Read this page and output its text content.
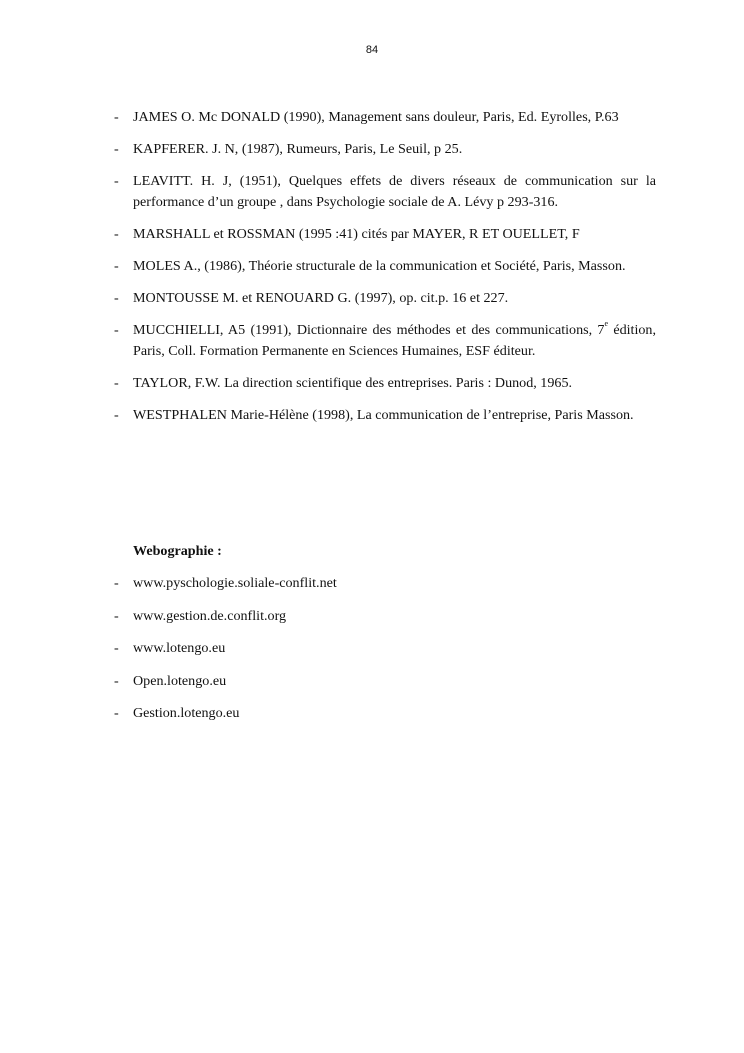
84
- JAMES O. Mc DONALD (1990), Management sans douleur, Paris, Ed. Eyrolles, P.63
- KAPFERER. J. N, (1987), Rumeurs, Paris, Le Seuil, p 25.
- LEAVITT. H. J, (1951), Quelques effets de divers réseaux de communication sur la performance d’un groupe , dans Psychologie sociale de A. Lévy p 293-316.
- MARSHALL et ROSSMAN (1995 :41) cités par MAYER, R ET OUELLET, F
- MOLES A., (1986), Théorie structurale de la communication et Société, Paris, Masson.
- MONTOUSSE M. et RENOUARD G. (1997), op. cit.p. 16 et 227.
- MUCCHIELLI, A5 (1991), Dictionnaire des méthodes et des communications, 7e édition, Paris, Coll. Formation Permanente en Sciences Humaines, ESF éditeur.
- TAYLOR, F.W. La direction scientifique des entreprises. Paris : Dunod, 1965.
- WESTPHALEN Marie-Hélène (1998), La communication de l’entreprise, Paris Masson.
Webographie :
- www.pyschologie.soliale-conflit.net
- www.gestion.de.conflit.org
- www.lotengo.eu
- Open.lotengo.eu
- Gestion.lotengo.eu
